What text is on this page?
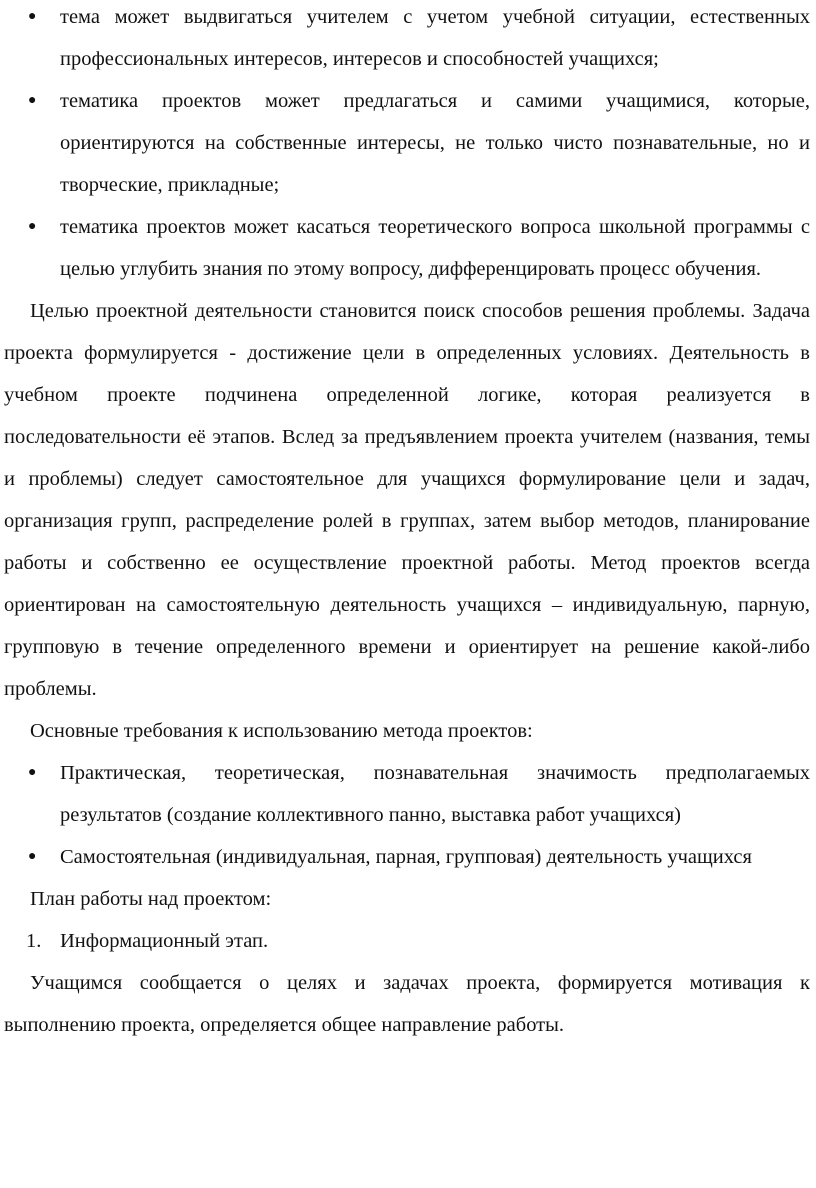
● тема может выдвигаться учителем с учетом учебной ситуации, естественных профессиональных интересов, интересов и способностей учащихся;
● тематика проектов может предлагаться и самими учащимися, которые, ориентируются на собственные интересы, не только чисто познавательные, но и творческие, прикладные;
● тематика проектов может касаться теоретического вопроса школьной программы с целью углубить знания по этому вопросу, дифференцировать процесс обучения.

Целью проектной деятельности становится поиск способов решения проблемы. Задача проекта формулируется - достижение цели в определенных условиях. Деятельность в учебном проекте подчинена определенной логике, которая реализуется в последовательности её этапов. Вслед за предъявлением проекта учителем (названия, темы и проблемы) следует самостоятельное для учащихся формулирование цели и задач, организация групп, распределение ролей в группах, затем выбор методов, планирование работы и собственно ее осуществление проектной работы. Метод проектов всегда ориентирован на самостоятельную деятельность учащихся – индивидуальную, парную, групповую в течение определенного времени и ориентирует на решение какой-либо проблемы.

Основные требования к использованию метода проектов:

● Практическая, теоретическая, познавательная значимость предполагаемых результатов (создание коллективного панно, выставка работ учащихся)
● Самостоятельная (индивидуальная, парная, групповая) деятельность учащихся

План работы над проектом:

1. Информационный этап.

Учащимся сообщается о целях и задачах проекта, формируется мотивация к выполнению проекта, определяется общее направление работы.
